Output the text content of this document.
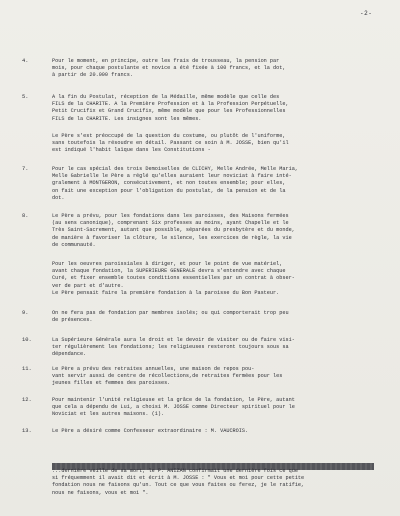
-2-
4.	Pour le moment, en principe, outre les frais de trousseau, la pension par
mois, pour chaque postulante et novice a été fixée à 100 francs, et la dot,
à partir de 20.000 francs.
5.	A la fin du Postulat, réception de la Médaille, même modèle que celle des
FILS de la CHARITE. A la Première Profession et à la Profession Perpétuelle,
Petit Crucifix et Grand Crucifix, même modèle que pour les Professionnelles
FILS de la CHARITE. Les insignes sont les mêmes.
Le Père s'est préoccupé de la question du costume, ou plutôt de l'uniforme,
sans toutefois la résoudre en détail. Passant ce soin à M. JOSSE, bien qu'il
est indiqué l'habit laïque dans les Constitutions -
7.	Pour le cas spécial des trois Demoiselles de CLICHY, Melle Andrée, Melle Maria,
Melle Gabrielle le Père a réglé qu'elles auraient leur noviciat à faire inté-
gralement à MONTGERON, consécutivement, et non toutes ensemble; pour elles,
on fait une exception pour l'obligation du postulat, de la pension et de la
dot.
8.	Le Père a prévu, pour les fondations dans les paroisses, des Maisons fermées
(au sens canonique), comprenant Six professes au moins, ayant Chapelle et le
Très Saint-Sacrement, autant que possible, séparées du presbytère et du monde,
de manière à favoriser la clôture, le silence, les exercices de règle, la vie
de communauté.
Pour les oeuvres paroissiales à diriger, et pour le point de vue matériel,
avant chaque fondation, la SUPERIEURE GENERALE devra s'entendre avec chaque
Curé, et fixer ensemble toutes conditions essentielles par un contrat à obser-
ver de part et d'autre.
Le Père pensait faire la première fondation à la paroisse du Bon Pasteur.
9.	On ne fera pas de fondation par membres isolés; ou qui comporterait trop peu
de présences.
10.	La Supérieure Générale aura le droit et le devoir de visiter ou de faire visi-
ter régulièrement les fondations; les religieuses resteront toujours sous sa
dépendance.
11.	Le Père a prévu des retraites annuelles, une maison de repos pou-
vant servir aussi de centre de récollections,de retraites fermées pour les
jeunes filles et femmes des paroisses.
12.	Pour maintenir l'unité religieuse et la grâce de la fondation, le Père, autant
que cela a dépendu de Lui, a choisi M. JOSSE comme Directeur spirituel pour le
Noviciat et les autres maisons. (1).
13.	Le Père a désiré comme Confesseur extraordinaire : M. VAUCROIS.
...dernière veille de sa mort, le P. ANIZAN confirmait une dernière fois ce que
si fréquemment il avait dit et écrit à M. JOSSE : " Vous et moi pour cette petite
fondation nous ne faisons qu'un. Tout ce que vous faites ou ferez, je le ratifie,
nous ne faisons, vous et moi ".
